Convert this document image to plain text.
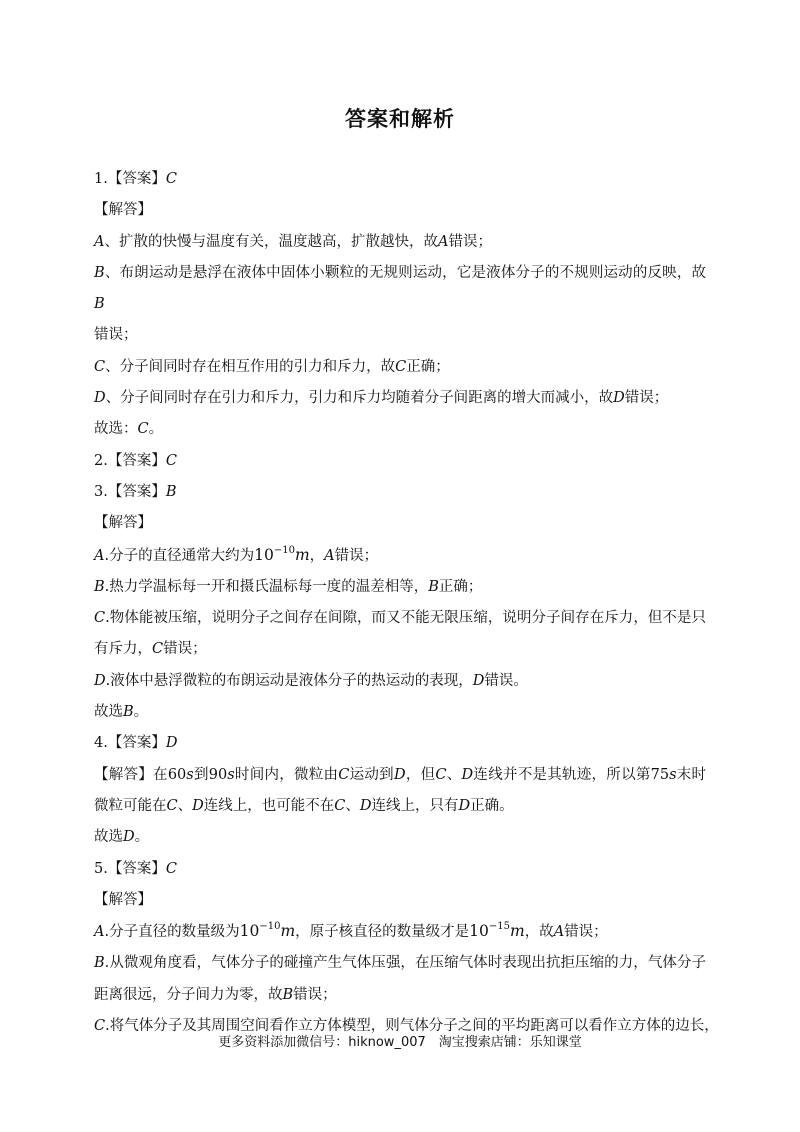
答案和解析
1.【答案】C
【解答】
A、扩散的快慢与温度有关，温度越高，扩散越快，故A错误；
B、布朗运动是悬浮在液体中固体小颗粒的无规则运动，它是液体分子的不规则运动的反映，故B
错误；
C、分子间同时存在相互作用的引力和斥力，故C正确；
D、分子间同时存在引力和斥力，引力和斥力均随着分子间距离的增大而减小，故D错误；
故选：C。
2.【答案】C
3.【答案】B
【解答】
A.分子的直径通常大约为$10^{-10}m$，A错误；
B.热力学温标每一开和摄氏温标每一度的温差相等，B正确；
C.物体能被压缩，说明分子之间存在间隙，而又不能无限压缩，说明分子间存在斥力，但不是只有斥力，C错误；
D.液体中悬浮微粒的布朗运动是液体分子的热运动的表现，D错误。
故选B。
4.【答案】D
【解答】在60s到90s时间内，微粒由C运动到D，但C、D连线并不是其轨迹，所以第75s末时微粒可能在C、D连线上，也可能不在C、D连线上，只有D正确。
故选D。
5.【答案】C
【解答】
A.分子直径的数量级为$10^{-10}m$，原子核直径的数量级才是$10^{-15}m$，故A错误；
B.从微观角度看，气体分子的碰撞产生气体压强，在压缩气体时表现出抗拒压缩的力，气体分子距离很远，分子间力为零，故B错误；
C.将气体分子及其周围空间看作立方体模型，则气体分子之间的平均距离可以看作立方体的边长，
更多资料添加微信号：hiknow_007　淘宝搜索店铺：乐知课堂
